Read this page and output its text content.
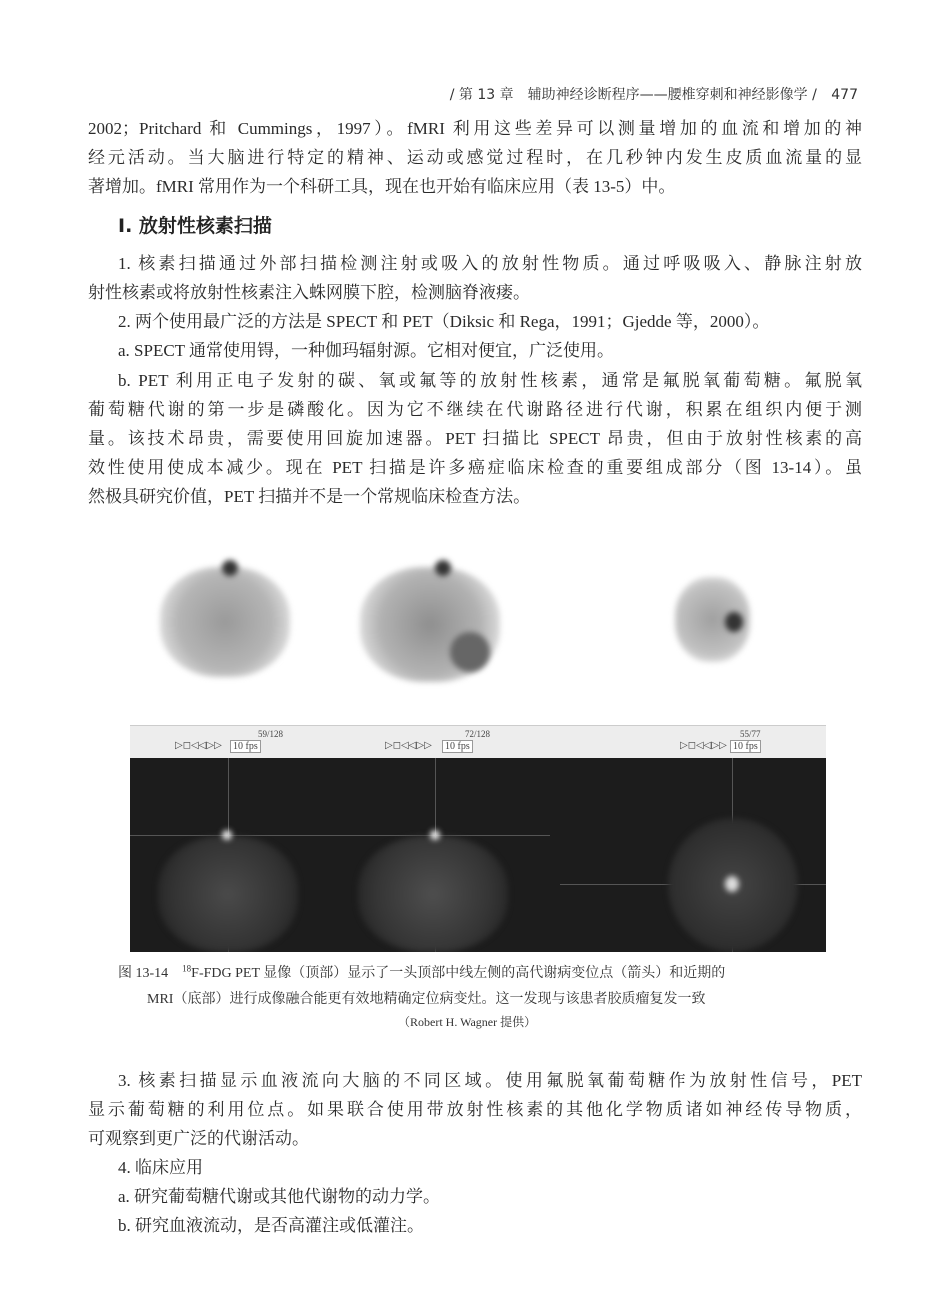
/ 第 13 章　辅助神经诊断程序——腰椎穿刺和神经影像学 / 477
2002；Pritchard 和 Cummings，1997）。fMRI 利用这些差异可以测量增加的血流和增加的神
经元活动。当大脑进行特定的精神、运动或感觉过程时，在几秒钟内发生皮质血流量的显
著增加。fMRI 常用作为一个科研工具，现在也开始有临床应用（表 13-5）中。
I. 放射性核素扫描
1. 核素扫描通过外部扫描检测注射或吸入的放射性物质。通过呼吸吸入、静脉注射放
射性核素或将放射性核素注入蛛网膜下腔，检测脑脊液瘘。
2. 两个使用最广泛的方法是 SPECT 和 PET（Diksic 和 Rega，1991；Gjedde 等，2000）。
a. SPECT 通常使用锝，一种伽玛辐射源。它相对便宜，广泛使用。
b. PET 利用正电子发射的碳、氧或氟等的放射性核素，通常是氟脱氧葡萄糖。氟脱氧
葡萄糖代谢的第一步是磷酸化。因为它不继续在代谢路径进行代谢，积累在组织内便于测
量。该技术昂贵，需要使用回旋加速器。PET 扫描比 SPECT 昂贵，但由于放射性核素的高
效性使用使成本减少。现在 PET 扫描是许多癌症临床检查的重要组成部分（图 13-14）。虽
然极具研究价值，PET 扫描并不是一个常规临床检查方法。
59/128
▷◻◁◁▷▷	10 fps
72/128
▷◻◁◁▷▷	10 fps
55/77
▷◻◁◁▷▷ 10 fps
图 13-14 $^{18}$F-FDG PET 显像（顶部）显示了一头顶部中线左侧的高代谢病变位点（箭头）和近期的
MRI（底部）进行成像融合能更有效地精确定位病变灶。这一发现与该患者胶质瘤复发一致
（Robert H. Wagner 提供）
3. 核素扫描显示血液流向大脑的不同区域。使用氟脱氧葡萄糖作为放射性信号，PET
显示葡萄糖的利用位点。如果联合使用带放射性核素的其他化学物质诸如神经传导物质，
可观察到更广泛的代谢活动。
4. 临床应用
a. 研究葡萄糖代谢或其他代谢物的动力学。
b. 研究血液流动，是否高灌注或低灌注。
